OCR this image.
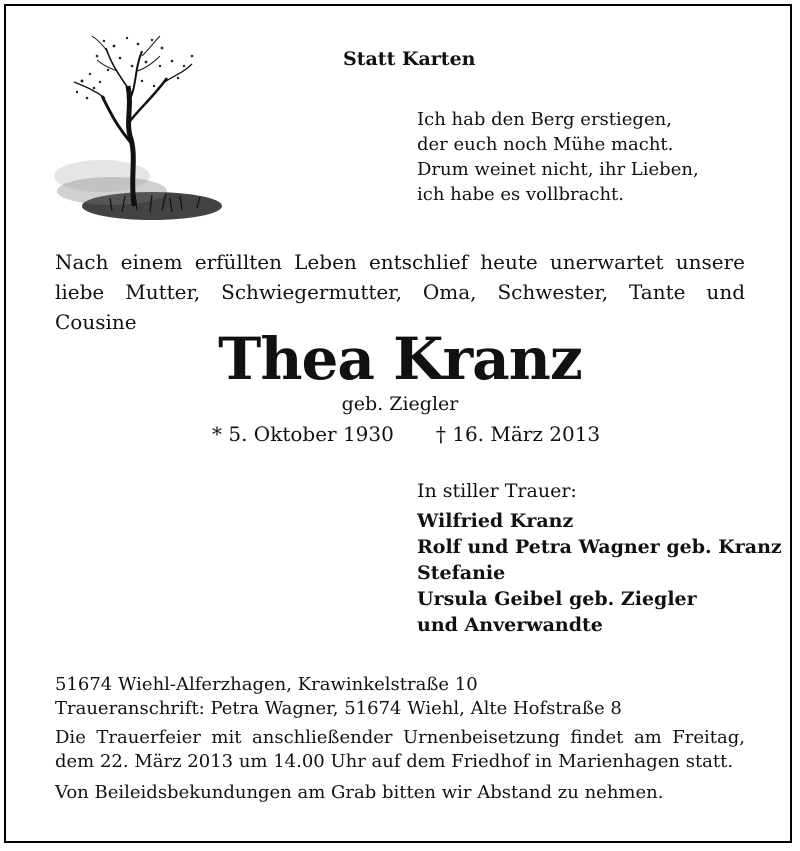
Statt Karten
Ich hab den Berg erstiegen,
der euch noch Mühe macht.
Drum weinet nicht, ihr Lieben,
ich habe es vollbracht.
Nach einem erfüllten Leben entschlief heute unerwartet unsere liebe Mutter, Schwiegermutter, Oma, Schwester, Tante und Cousine
Thea Kranz
geb. Ziegler
* 5. Oktober 1930 † 16. März 2013
In stiller Trauer:
Wilfried Kranz
Rolf und Petra Wagner geb. Kranz
Stefanie
Ursula Geibel geb. Ziegler
und Anverwandte
51674 Wiehl-Alferzhagen, Krawinkelstraße 10
Traueranschrift: Petra Wagner, 51674 Wiehl, Alte Hofstraße 8
Die Trauerfeier mit anschließender Urnenbeisetzung findet am Freitag, dem 22. März 2013 um 14.00 Uhr auf dem Friedhof in Marienhagen statt.
Von Beileidsbekundungen am Grab bitten wir Abstand zu nehmen.
